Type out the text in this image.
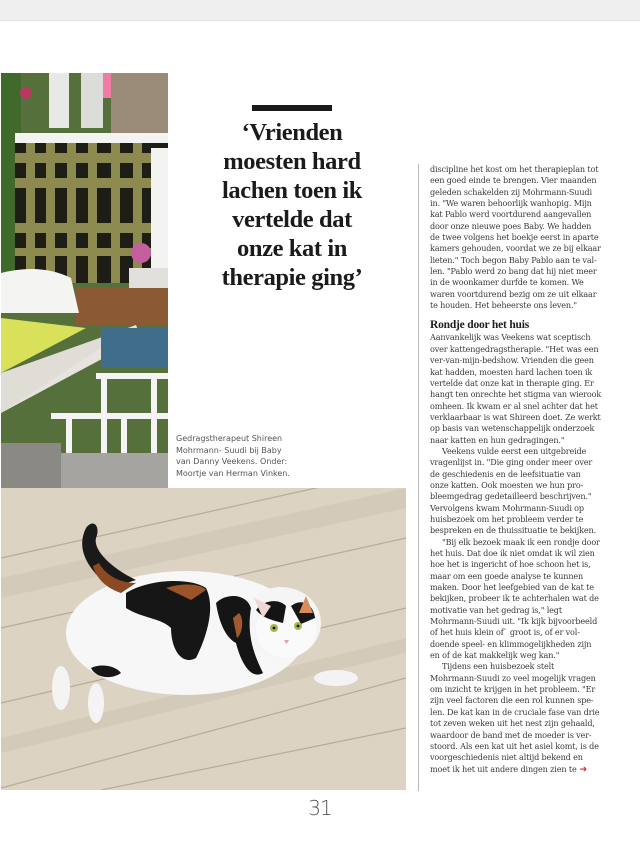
‘Vrienden
moesten hard
lachen toen ik
vertelde dat
onze kat in
therapie ging’

Gedragstherapeut Shireen
Mohrmann- Suudi bij Baby
van Danny Veekens. Onder:
Moortje van Herman Vinken.
discipline het kost om het therapieplan tot
een goed einde te brengen. Vier maanden
geleden schakelden zij Mohrmann-Suudi
in. "We waren behoorlijk wanhopig. Mijn
kat Pablo werd voortdurend aangevallen
door onze nieuwe poes Baby. We hadden
de twee volgens het boekje eerst in aparte
kamers gehouden, voordat we ze bij elkaar
lieten." Toch begon Baby Pablo aan te val-
len. "Pablo werd zo bang dat hij niet meer
in de woonkamer durfde te komen. We
waren voortdurend bezig om ze uit elkaar
te houden. Het beheerste ons leven."
Rondje door het huis
Aanvankelijk was Veekens wat sceptisch
over kattengedragstherapie. "Het was een
ver-van-mijn-bedshow. Vrienden die geen
kat hadden, moesten hard lachen toen ik
vertelde dat onze kat in therapie ging. Er
hangt ten onrechte het stigma van wierook
omheen. Ik kwam er al snel achter dat het
verklaarbaar is wat Shireen doet. Ze werkt
op basis van wetenschappelijk onderzoek
naar katten en hun gedragingen."
Veekens vulde eerst een uitgebreide
vragenlijst in. "Die ging onder meer over
de geschiedenis en de leefsituatie van
onze katten. Ook moesten we hun pro-
bleemgedrag gedetailleerd beschrijven."
Vervolgens kwam Mohrmann-Suudi op
huisbezoek om het probleem verder te
bespreken en de thuissituatie te bekijken.
"Bij elk bezoek maak ik een rondje door
het huis. Dat doe ik niet omdat ik wil zien
hoe het is ingericht of hoe schoon het is,
maar om een goede analyse te kunnen
maken. Door het leefgebied van de kat te
bekijken, probeer ik te achterhalen wat de
motivatie van het gedrag is," legt
Mohrmann-Suudi uit. "Ik kijk bijvoorbeeld
of het huis klein of` groot is, of er vol-
doende speel- en klimmogelijkheden zijn
en of de kat makkelijk weg kan."
Tijdens een huisbezoek stelt
Mohrmann-Suudi zo veel mogelijk vragen
om inzicht te krijgen in het probleem. "Er
zijn veel factoren die een rol kunnen spe-
len. De kat kan in de cruciale fase van drie
tot zeven weken uit het nest zijn gehaald,
waardoor de band met de moeder is ver-
stoord. Als een kat uit het asiel komt, is de
voorgeschiedenis niet altijd bekend en
moet ik het uit andere dingen zien te ➔
31
